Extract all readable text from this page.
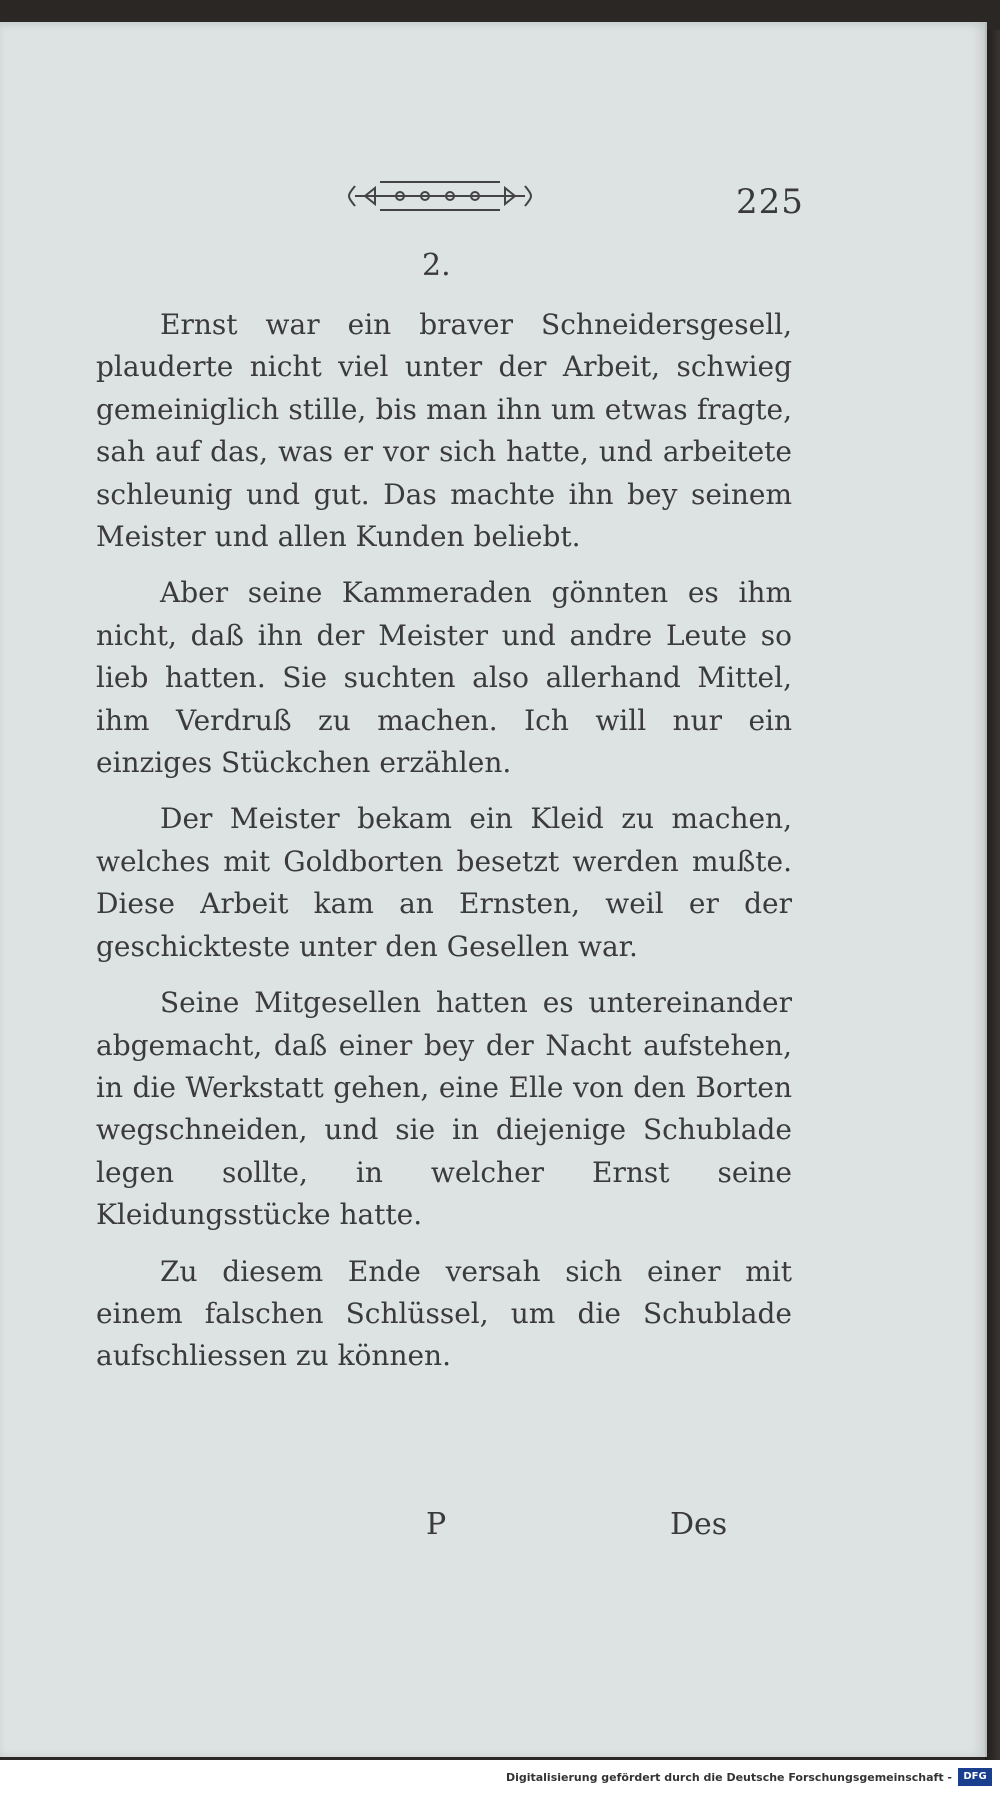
225
2.

Ernst war ein braver Schneidersgesell, plauderte nicht viel unter der Arbeit, schwieg gemeiniglich stille, bis man ihn um etwas fragte, sah auf das, was er vor sich hatte, und arbeitete schleunig und gut. Das machte ihn bey seinem Meister und allen Kunden beliebt.

Aber seine Kammeraden gönnten es ihm nicht, daß ihn der Meister und andre Leute so lieb hatten. Sie suchten also allerhand Mittel, ihm Verdruß zu machen. Ich will nur ein einziges Stückchen erzählen.

Der Meister bekam ein Kleid zu machen, welches mit Goldborten besetzt werden mußte. Diese Arbeit kam an Ernsten, weil er der geschickteste unter den Gesellen war.

Seine Mitgesellen hatten es untereinander abgemacht, daß einer bey der Nacht aufstehen, in die Werkstatt gehen, eine Elle von den Borten wegschneiden, und sie in diejenige Schublade legen sollte, in welcher Ernst seine Kleidungsstücke hatte.

Zu diesem Ende versah sich einer mit einem falschen Schlüssel, um die Schublade aufschliessen zu können.

P	Des
Digitalisierung gefördert durch die Deutsche Forschungsgemeinschaft -	DFG
